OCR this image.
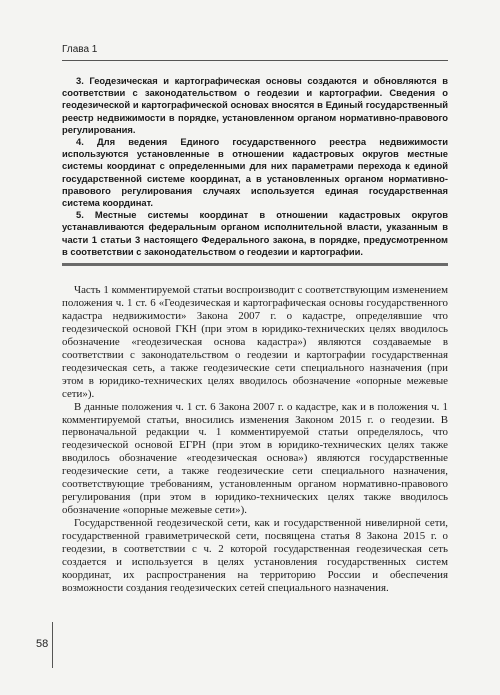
Глава 1

3. Геодезическая и картографическая основы создаются и обновляются в соответствии с законодательством о геодезии и картографии. Сведения о геодезической и картографической основах вносятся в Единый государственный реестр недвижимости в порядке, установленном органом нормативно-правового регулирования.

4. Для ведения Единого государственного реестра недвижимости используются установленные в отношении кадастровых округов местные системы координат с определенными для них параметрами перехода к единой государственной системе координат, а в установленных органом нормативно-правового регулирования случаях используется единая государственная система координат.

5. Местные системы координат в отношении кадастровых округов устанавливаются федеральным органом исполнительной власти, указанным в части 1 статьи 3 настоящего Федерального закона, в порядке, предусмотренном в соответствии с законодательством о геодезии и картографии.

Часть 1 комментируемой статьи воспроизводит с соответствующим изменением положения ч. 1 ст. 6 «Геодезическая и картографическая основы государственного кадастра недвижимости» Закона 2007 г. о кадастре, определявшие что геодезической основой ГКН (при этом в юридико-технических целях вводилось обозначение «геодезическая основа кадастра») являются создаваемые в соответствии с законодательством о геодезии и картографии государственная геодезическая сеть, а также геодезические сети специального назначения (при этом в юридико-технических целях вводилось обозначение «опорные межевые сети»).

В данные положения ч. 1 ст. 6 Закона 2007 г. о кадастре, как и в положения ч. 1 комментируемой статьи, вносились изменения Законом 2015 г. о геодезии. В первоначальной редакции ч. 1 комментируемой статьи определялось, что геодезической основой ЕГРН (при этом в юридико-технических целях также вводилось обозначение «геодезическая основа») являются государственные геодезические сети, а также геодезические сети специального назначения, соответствующие требованиям, установленным органом нормативно-правового регулирования (при этом в юридико-технических целях также вводилось обозначение «опорные межевые сети»).

Государственной геодезической сети, как и государственной нивелирной сети, государственной гравиметрической сети, посвящена статья 8 Закона 2015 г. о геодезии, в соответствии с ч. 2 которой государственная геодезическая сеть создается и используется в целях установления государственных систем координат, их распространения на территорию России и обеспечения возможности создания геодезических сетей специального назначения.

58
